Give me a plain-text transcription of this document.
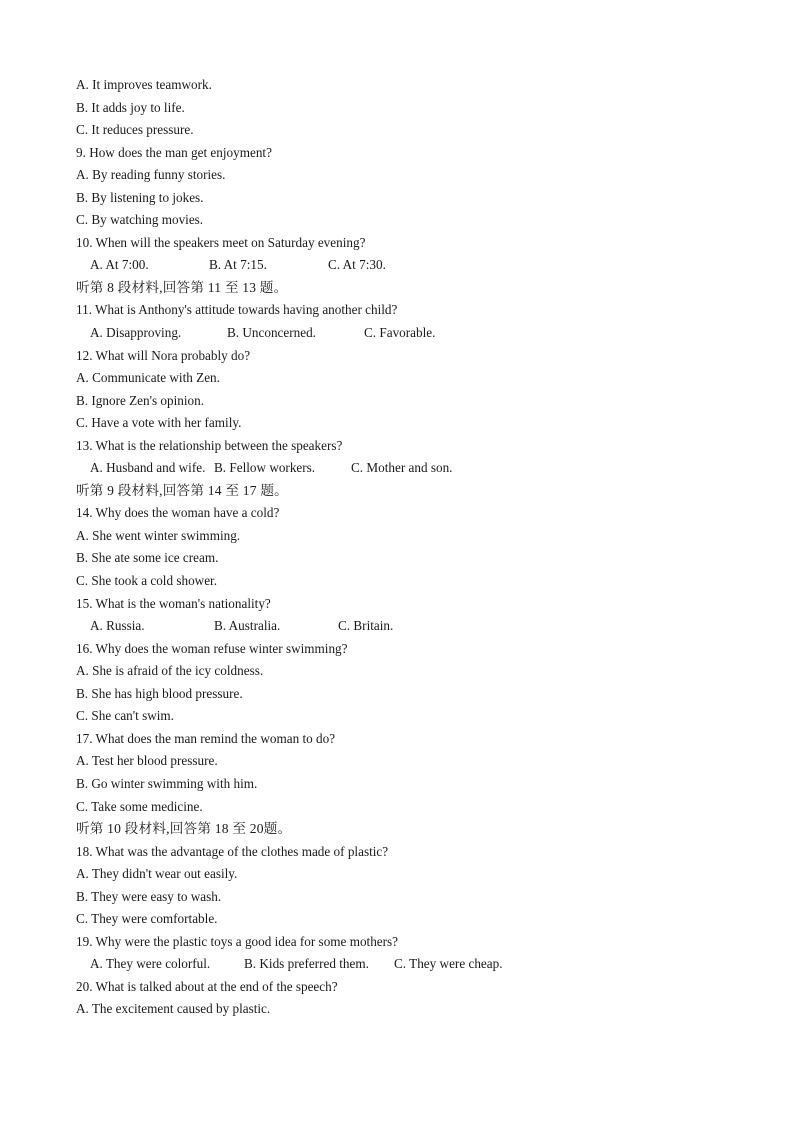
A. It improves teamwork.
B. It adds joy to life.
C. It reduces pressure.
9. How does the man get enjoyment?
A. By reading funny stories.
B. By listening to jokes.
C. By watching movies.
10. When will the speakers meet on Saturday evening?
A. At 7:00.	B. At 7:15.	C. At 7:30.
听第 8 段材料,回答第 11 至 13 题。
11. What is Anthony's attitude towards having another child?
A. Disapproving.	B. Unconcerned.	C. Favorable.
12. What will Nora probably do?
A. Communicate with Zen.
B. Ignore Zen's opinion.
C. Have a vote with her family.
13. What is the relationship between the speakers?
A. Husband and wife. B. Fellow workers.	C. Mother and son.
听第 9 段材料,回答第 14 至 17 题。
14. Why does the woman have a cold?
A. She went winter swimming.
B. She ate some ice cream.
C. She took a cold shower.
15. What is the woman's nationality?
A. Russia.	B. Australia.	C. Britain.
16. Why does the woman refuse winter swimming?
A. She is afraid of the icy coldness.
B. She has high blood pressure.
C. She can't swim.
17. What does the man remind the woman to do?
A. Test her blood pressure.
B. Go winter swimming with him.
C. Take some medicine.
听第 10 段材料,回答第 18 至 20题。
18. What was the advantage of the clothes made of plastic?
A. They didn't wear out easily.
B. They were easy to wash.
C. They were comfortable.
19. Why were the plastic toys a good idea for some mothers?
A. They were colorful.	B. Kids preferred them. C. They were cheap.
20. What is talked about at the end of the speech?
A. The excitement caused by plastic.
